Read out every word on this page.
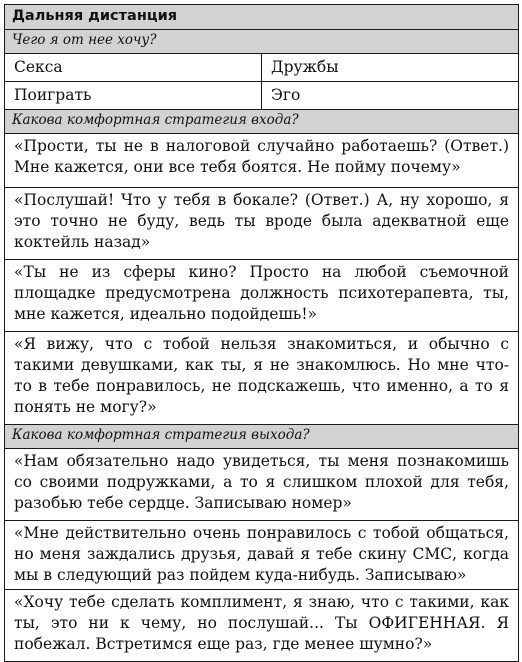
Дальняя дистанция	
Чего я от нее хочу?	
Секса	Дружбы
Поиграть	Эго
Какова комфортная стратегия входа?	
«Прости, ты не в налоговой случайно работаешь? (Ответ.) Мне кажется, они все тебя боятся. Не пойму почему»	
«Послушай! Что у тебя в бокале? (Ответ.) А, ну хорошо, я это точно не буду, ведь ты вроде была адекватной еще коктейль назад»	
«Ты не из сферы кино? Просто на любой съемочной площадке предусмотрена должность психотерапевта, ты, мне кажется, идеально подойдешь!»	
«Я вижу, что с тобой нельзя знакомиться, и обычно с такими девушками, как ты, я не знакомлюсь. Но мне что-то в тебе понравилось, не подскажешь, что именно, а то я понять не могу?»	
Какова комфортная стратегия выхода?	
«Нам обязательно надо увидеться, ты меня познакомишь со своими подружками, а то я слишком плохой для тебя, разобью тебе сердце. Записываю номер»	
«Мне действительно очень понравилось с тобой общаться, но меня заждались друзья, давай я тебе скину СМС, когда мы в следующий раз пойдем куда-нибудь. Записываю»	
«Хочу тебе сделать комплимент, я знаю, что с такими, как ты, это ни к чему, но послушай... Ты ОФИГЕННАЯ. Я побежал. Встретимся еще раз, где менее шумно?»	
